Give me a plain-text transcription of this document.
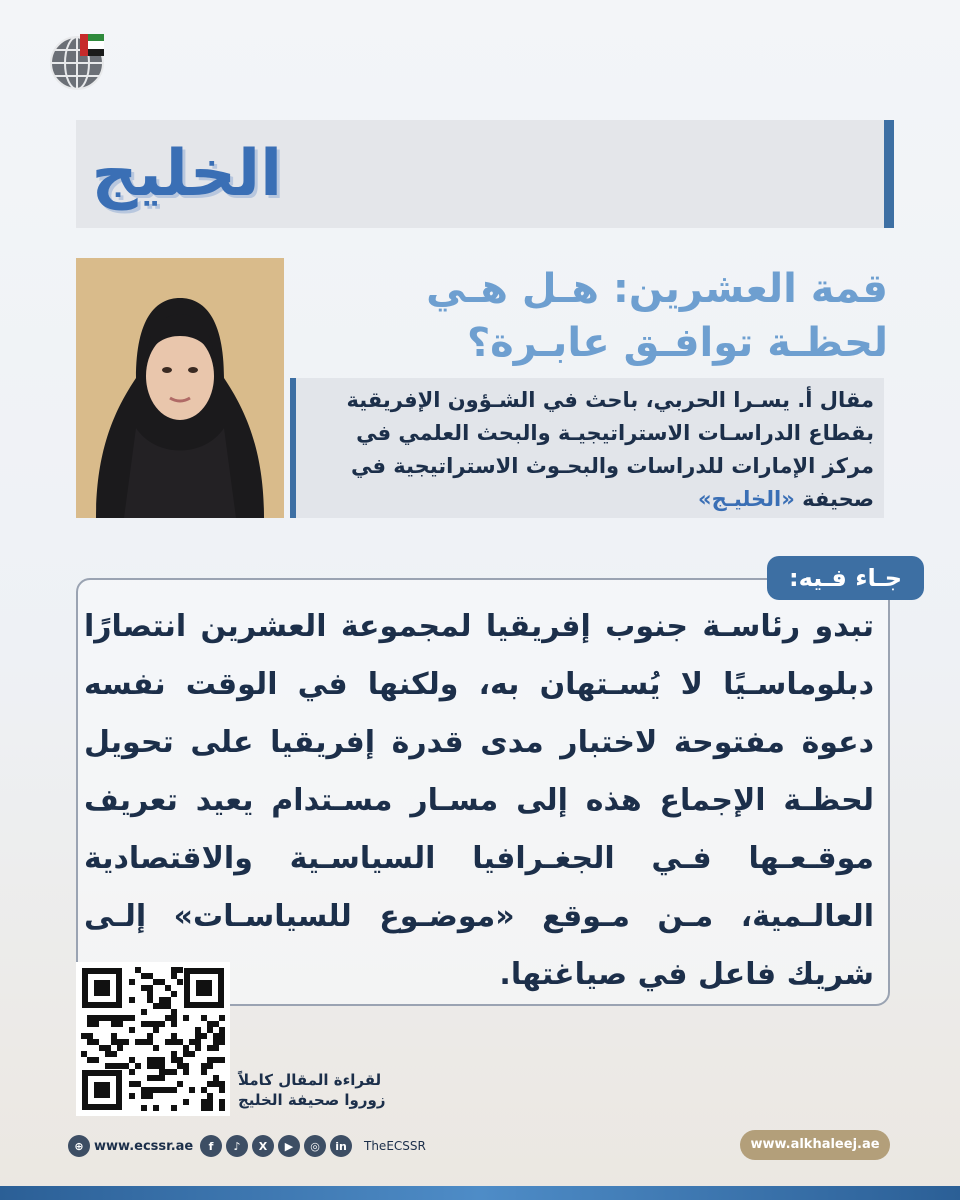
الخليج
قمة العشرين: هـل هـي لحظـة توافـق عابـرة؟
مقال أ. يسـرا الحربي، باحث في الشـؤون الإفريقية بقطاع الدراسـات الاستراتيجيـة والبحث العلمي في مركز الإمارات للدراسات والبحـوث الاستراتيجية في صحيفة «الخليـج»
جـاء فـيه:
تبدو رئاسـة جنوب إفريقيا لمجموعة العشرين انتصارًا دبلوماسـيًا لا يُسـتهان به، ولكنها في الوقت نفسه دعوة مفتوحة لاختبار مدى قدرة إفريقيا على تحويل لحظـة الإجماع هذه إلى مسـار مسـتدام يعيد تعريف موقـعـها فـي الجغـرافيا السياسـية والاقتصادية العالـمية، مـن مـوقع «موضـوع للسياسـات» إلـى شريك فاعل في صياغتها.
لقراءة المقال كاملاً
زوروا صحيفة الخليج
⊕ www.ecssr.ae	f	♪	X	▶	◎	in	TheECSSR	www.alkhaleej.ae
